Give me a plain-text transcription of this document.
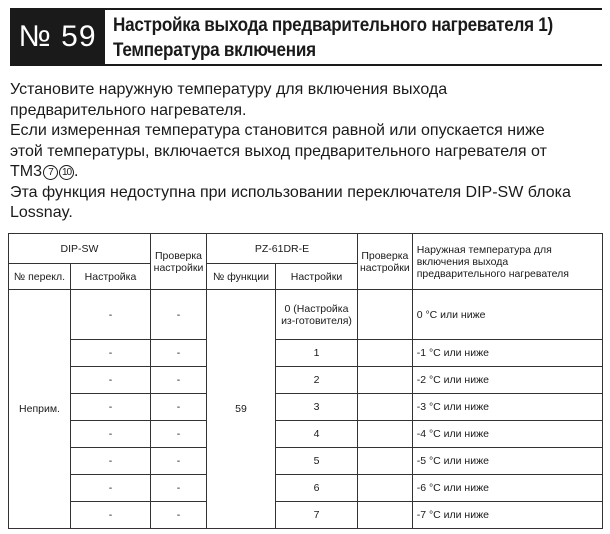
№ 59 Настройка выхода предварительного нагревателя 1)
Температура включения
Установите наружную температуру для включения выхода
предварительного нагревателя.
Если измеренная температура становится равной или опускается ниже
этой температуры, включается выход предварительного нагревателя от
TM3 7 10 .
Эта функция недоступна при использовании переключателя DIP-SW блока
Lossnay.
DIP-SW		Проверка настройки	PZ-61DR-E		Проверка настройки	Наружная температура для включения выхода предварительного нагревателя
№ перекл.	Настройка		№ функции	Настройки		
Неприм.	-	-	59	0 (Настройка из-готовителя)		0 °C или ниже
	-	-		1		-1 °C или ниже
	-	-		2		-2 °C или ниже
	-	-		3		-3 °C или ниже
	-	-		4		-4 °C или ниже
	-	-		5		-5 °C или ниже
	-	-		6		-6 °C или ниже
	-	-		7		-7 °C или ниже
